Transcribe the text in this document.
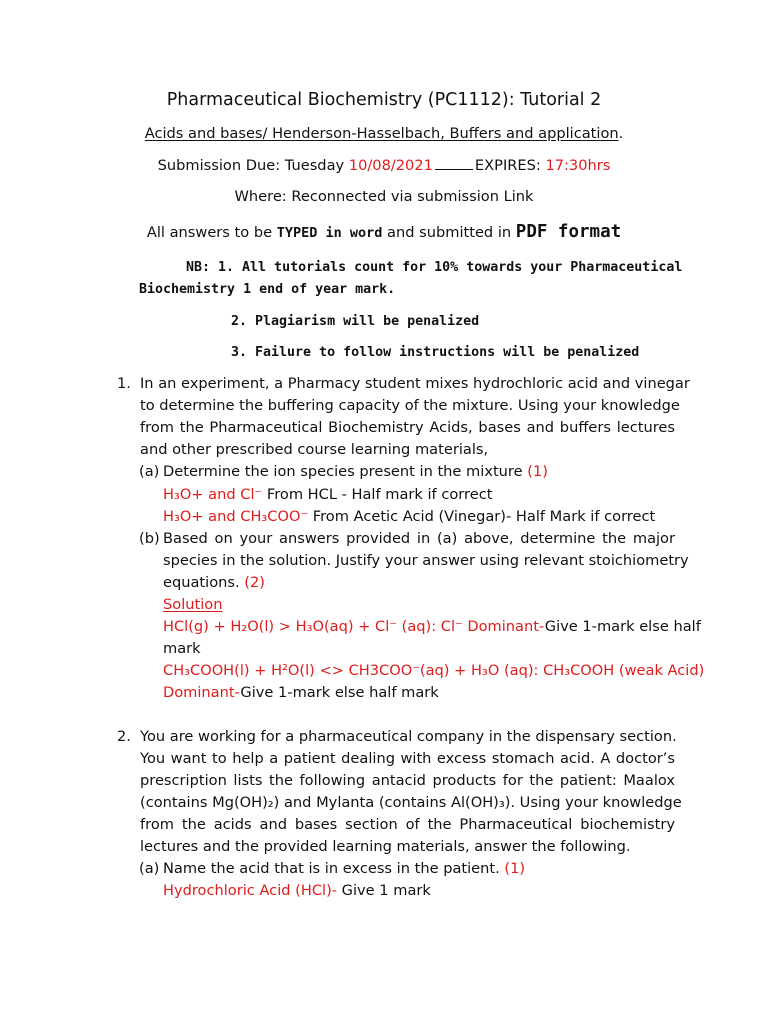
Pharmaceutical Biochemistry (PC1112): Tutorial 2
Acids and bases/ Henderson-Hasselbach, Buffers and application.
Submission Due: Tuesday 10/08/2021	EXPIRES: 17:30hrs
Where: Reconnected via submission Link
All answers to be TYPED in word and submitted in PDF format
NB: 1. All tutorials count for 10% towards your Pharmaceutical
Biochemistry 1 end of year mark.
2. Plagiarism will be penalized
3. Failure to follow instructions will be penalized
1. In an experiment, a Pharmacy student mixes hydrochloric acid and vinegar
to determine the buffering capacity of the mixture. Using your knowledge
from the Pharmaceutical Biochemistry Acids, bases and buffers lectures
and other prescribed course learning materials,
(a) Determine the ion species present in the mixture (1)
H₃O+ and Cl⁻ From HCL - Half mark if correct
H₃O+ and CH₃COO⁻ From Acetic Acid (Vinegar)- Half Mark if correct
(b) Based on your answers provided in (a) above, determine the major
species in the solution. Justify your answer using relevant stoichiometry
equations. (2)
Solution
HCl(g) + H₂O(l) > H₃O(aq) + Cl⁻ (aq): Cl⁻ Dominant-Give 1-mark else half
mark
CH₃COOH(l) + H²O(l) <> CH3COO⁻(aq) + H₃O (aq): CH₃COOH (weak Acid)
Dominant-Give 1-mark else half mark
2. You are working for a pharmaceutical company in the dispensary section.
You want to help a patient dealing with excess stomach acid. A doctor’s
prescription lists the following antacid products for the patient: Maalox
(contains Mg(OH)₂) and Mylanta (contains Al(OH)₃). Using your knowledge
from the acids and bases section of the Pharmaceutical biochemistry
lectures and the provided learning materials, answer the following.
(a) Name the acid that is in excess in the patient. (1)
Hydrochloric Acid (HCl)- Give 1 mark
